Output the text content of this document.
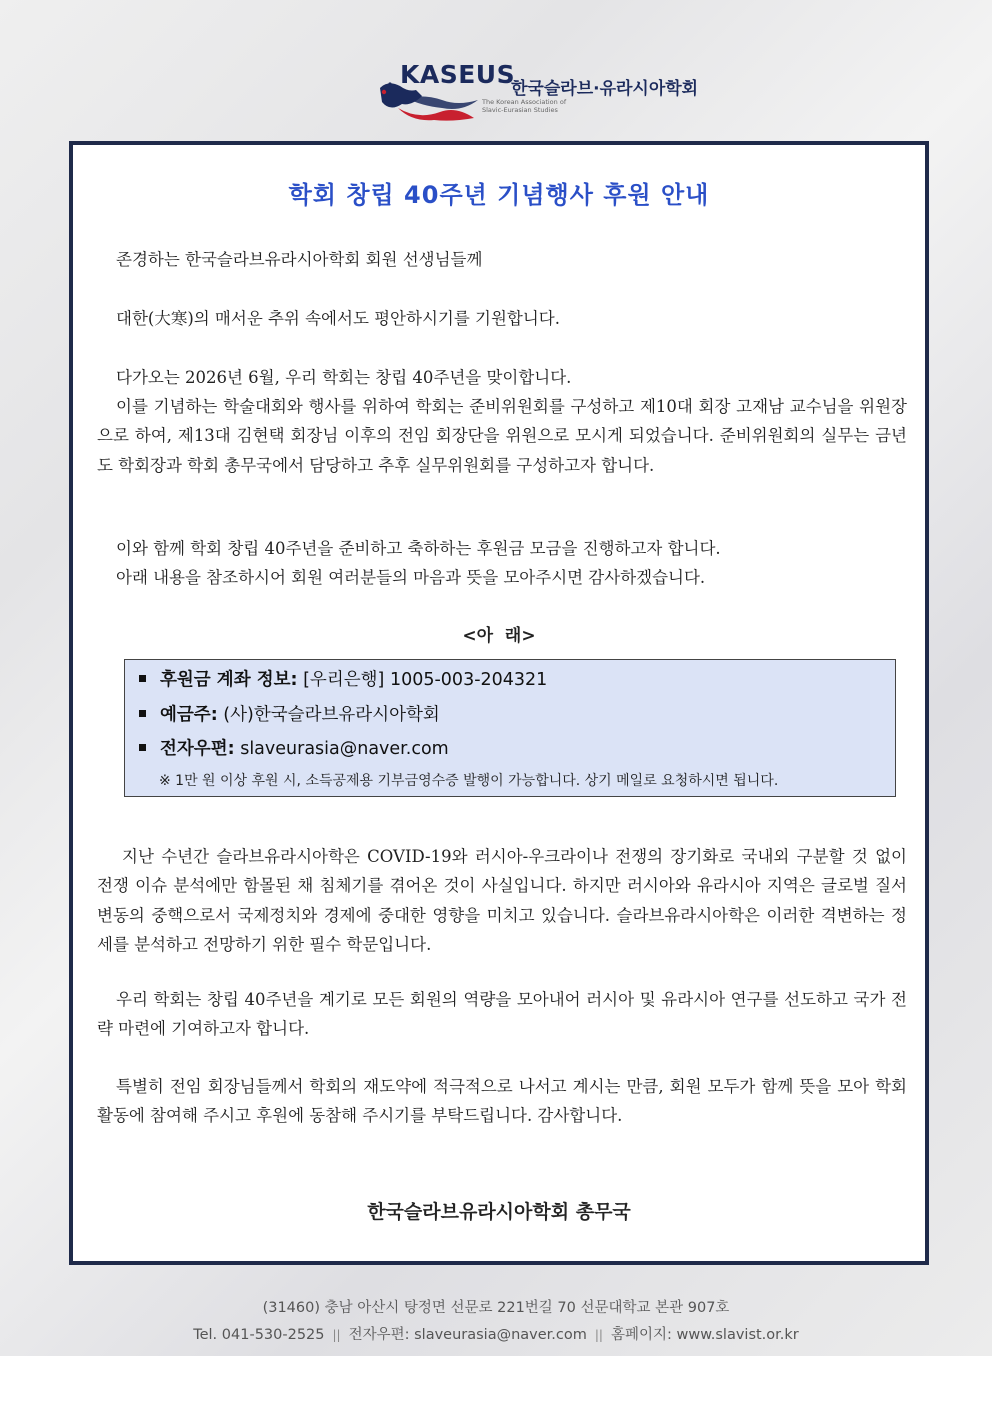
KASEUS
한국슬라브·유라시아학회
The Korean Association of Slavic-Eurasian Studies
학회 창립 40주년 기념행사 후원 안내

존경하는 한국슬라브유라시아학회 회원 선생님들께

대한(大寒)의 매서운 추위 속에서도 평안하시기를 기원합니다.

다가오는 2026년 6월, 우리 학회는 창립 40주년을 맞이합니다.

이를 기념하는 학술대회와 행사를 위하여 학회는 준비위원회를 구성하고 제10대 회장 고재남 교수님을 위원장으로 하여, 제13대 김현택 회장님 이후의 전임 회장단을 위원으로 모시게 되었습니다. 준비위원회의 실무는 금년도 학회장과 학회 총무국에서 담당하고 추후 실무위원회를 구성하고자 합니다.

이와 함께 학회 창립 40주년을 준비하고 축하하는 후원금 모금을 진행하고자 합니다.

아래 내용을 참조하시어 회원 여러분들의 마음과 뜻을 모아주시면 감사하겠습니다.

<아  래>
후원금 계좌 정보: [우리은행] 1005-003-204321
예금주: (사)한국슬라브유라시아학회
전자우편: slaveurasia@naver.com
※ 1만 원 이상 후원 시, 소득공제용 기부금영수증 발행이 가능합니다. 상기 메일로 요청하시면 됩니다.

지난 수년간 슬라브유라시아학은 COVID-19와 러시아-우크라이나 전쟁의 장기화로 국내외 구분할 것 없이 전쟁 이슈 분석에만 함몰된 채 침체기를 겪어온 것이 사실입니다. 하지만 러시아와 유라시아 지역은 글로벌 질서변동의 중핵으로서 국제정치와 경제에 중대한 영향을 미치고 있습니다. 슬라브유라시아학은 이러한 격변하는 정세를 분석하고 전망하기 위한 필수 학문입니다.

우리 학회는 창립 40주년을 계기로 모든 회원의 역량을 모아내어 러시아 및 유라시아 연구를 선도하고 국가 전략 마련에 기여하고자 합니다.

특별히 전임 회장님들께서 학회의 재도약에 적극적으로 나서고 계시는 만큼, 회원 모두가 함께 뜻을 모아 학회 활동에 참여해 주시고 후원에 동참해 주시기를 부탁드립니다. 감사합니다.

한국슬라브유라시아학회 총무국
(31460) 충남 아산시 탕정면 선문로 221번길 70 선문대학교 본관 907호
Tel. 041-530-2525 || 전자우편: slaveurasia@naver.com || 홈페이지: www.slavist.or.kr
